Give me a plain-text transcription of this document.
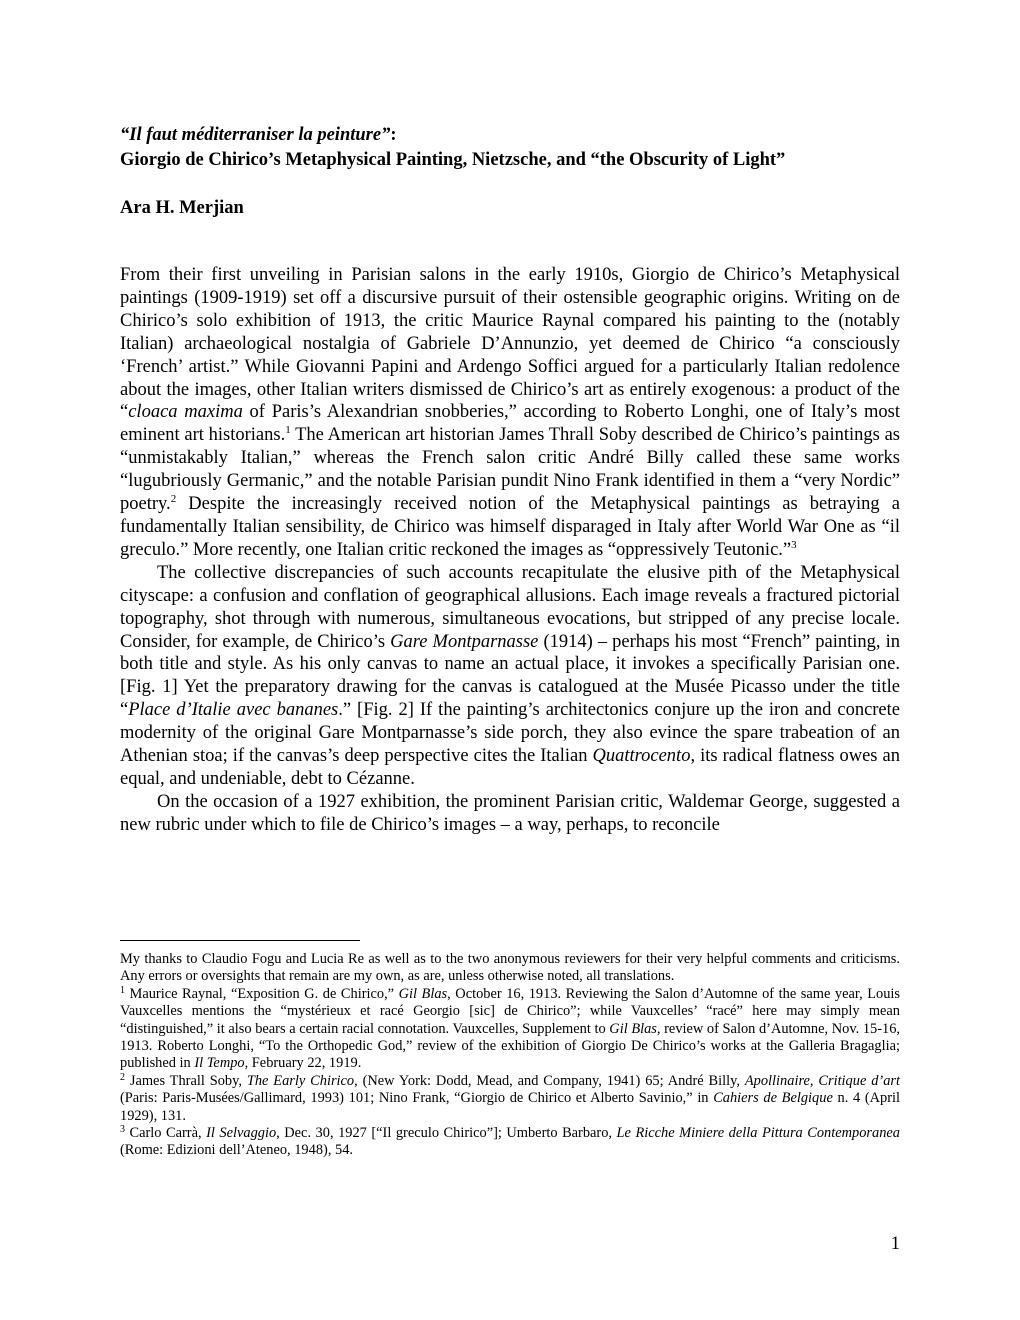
“Il faut méditerraniser la peinture”:
Giorgio de Chirico’s Metaphysical Painting, Nietzsche, and “the Obscurity of Light”
Ara H. Merjian

From their first unveiling in Parisian salons in the early 1910s, Giorgio de Chirico’s Metaphysical paintings (1909-1919) set off a discursive pursuit of their ostensible geographic origins. Writing on de Chirico’s solo exhibition of 1913, the critic Maurice Raynal compared his painting to the (notably Italian) archaeological nostalgia of Gabriele D’Annunzio, yet deemed de Chirico “a consciously ‘French’ artist.” While Giovanni Papini and Ardengo Soffici argued for a particularly Italian redolence about the images, other Italian writers dismissed de Chirico’s art as entirely exogenous: a product of the “cloaca maxima of Paris’s Alexandrian snobberies,” according to Roberto Longhi, one of Italy’s most eminent art historians.$^1$ The American art historian James Thrall Soby described de Chirico’s paintings as “unmistakably Italian,” whereas the French salon critic André Billy called these same works “lugubriously Germanic,” and the notable Parisian pundit Nino Frank identified in them a “very Nordic” poetry.$^2$ Despite the increasingly received notion of the Metaphysical paintings as betraying a fundamentally Italian sensibility, de Chirico was himself disparaged in Italy after World War One as “il greculo.” More recently, one Italian critic reckoned the images as “oppressively Teutonic.”$^3$

The collective discrepancies of such accounts recapitulate the elusive pith of the Metaphysical cityscape: a confusion and conflation of geographical allusions. Each image reveals a fractured pictorial topography, shot through with numerous, simultaneous evocations, but stripped of any precise locale. Consider, for example, de Chirico’s Gare Montparnasse (1914) – perhaps his most “French” painting, in both title and style. As his only canvas to name an actual place, it invokes a specifically Parisian one. [Fig. 1] Yet the preparatory drawing for the canvas is catalogued at the Musée Picasso under the title “Place d’Italie avec bananes.” [Fig. 2] If the painting’s architectonics conjure up the iron and concrete modernity of the original Gare Montparnasse’s side porch, they also evince the spare trabeation of an Athenian stoa; if the canvas’s deep perspective cites the Italian Quattrocento, its radical flatness owes an equal, and undeniable, debt to Cézanne.

On the occasion of a 1927 exhibition, the prominent Parisian critic, Waldemar George, suggested a new rubric under which to file de Chirico’s images – a way, perhaps, to reconcile

My thanks to Claudio Fogu and Lucia Re as well as to the two anonymous reviewers for their very helpful comments and criticisms. Any errors or oversights that remain are my own, as are, unless otherwise noted, all translations.

$^1$ Maurice Raynal, “Exposition G. de Chirico,” Gil Blas, October 16, 1913. Reviewing the Salon d’Automne of the same year, Louis Vauxcelles mentions the “mystérieux et racé Georgio [sic] de Chirico”; while Vauxcelles’ “racé” here may simply mean “distinguished,” it also bears a certain racial connotation. Vauxcelles, Supplement to Gil Blas, review of Salon d’Automne, Nov. 15-16, 1913. Roberto Longhi, “To the Orthopedic God,” review of the exhibition of Giorgio De Chirico’s works at the Galleria Bragaglia; published in Il Tempo, February 22, 1919.

$^2$ James Thrall Soby, The Early Chirico, (New York: Dodd, Mead, and Company, 1941) 65; André Billy, Apollinaire, Critique d’art (Paris: Paris-Musées/Gallimard, 1993) 101; Nino Frank, “Giorgio de Chirico et Alberto Savinio,” in Cahiers de Belgique n. 4 (April 1929), 131.

$^3$ Carlo Carrà, Il Selvaggio, Dec. 30, 1927 [“Il greculo Chirico”]; Umberto Barbaro, Le Ricche Miniere della Pittura Contemporanea (Rome: Edizioni dell’Ateneo, 1948), 54.

1
